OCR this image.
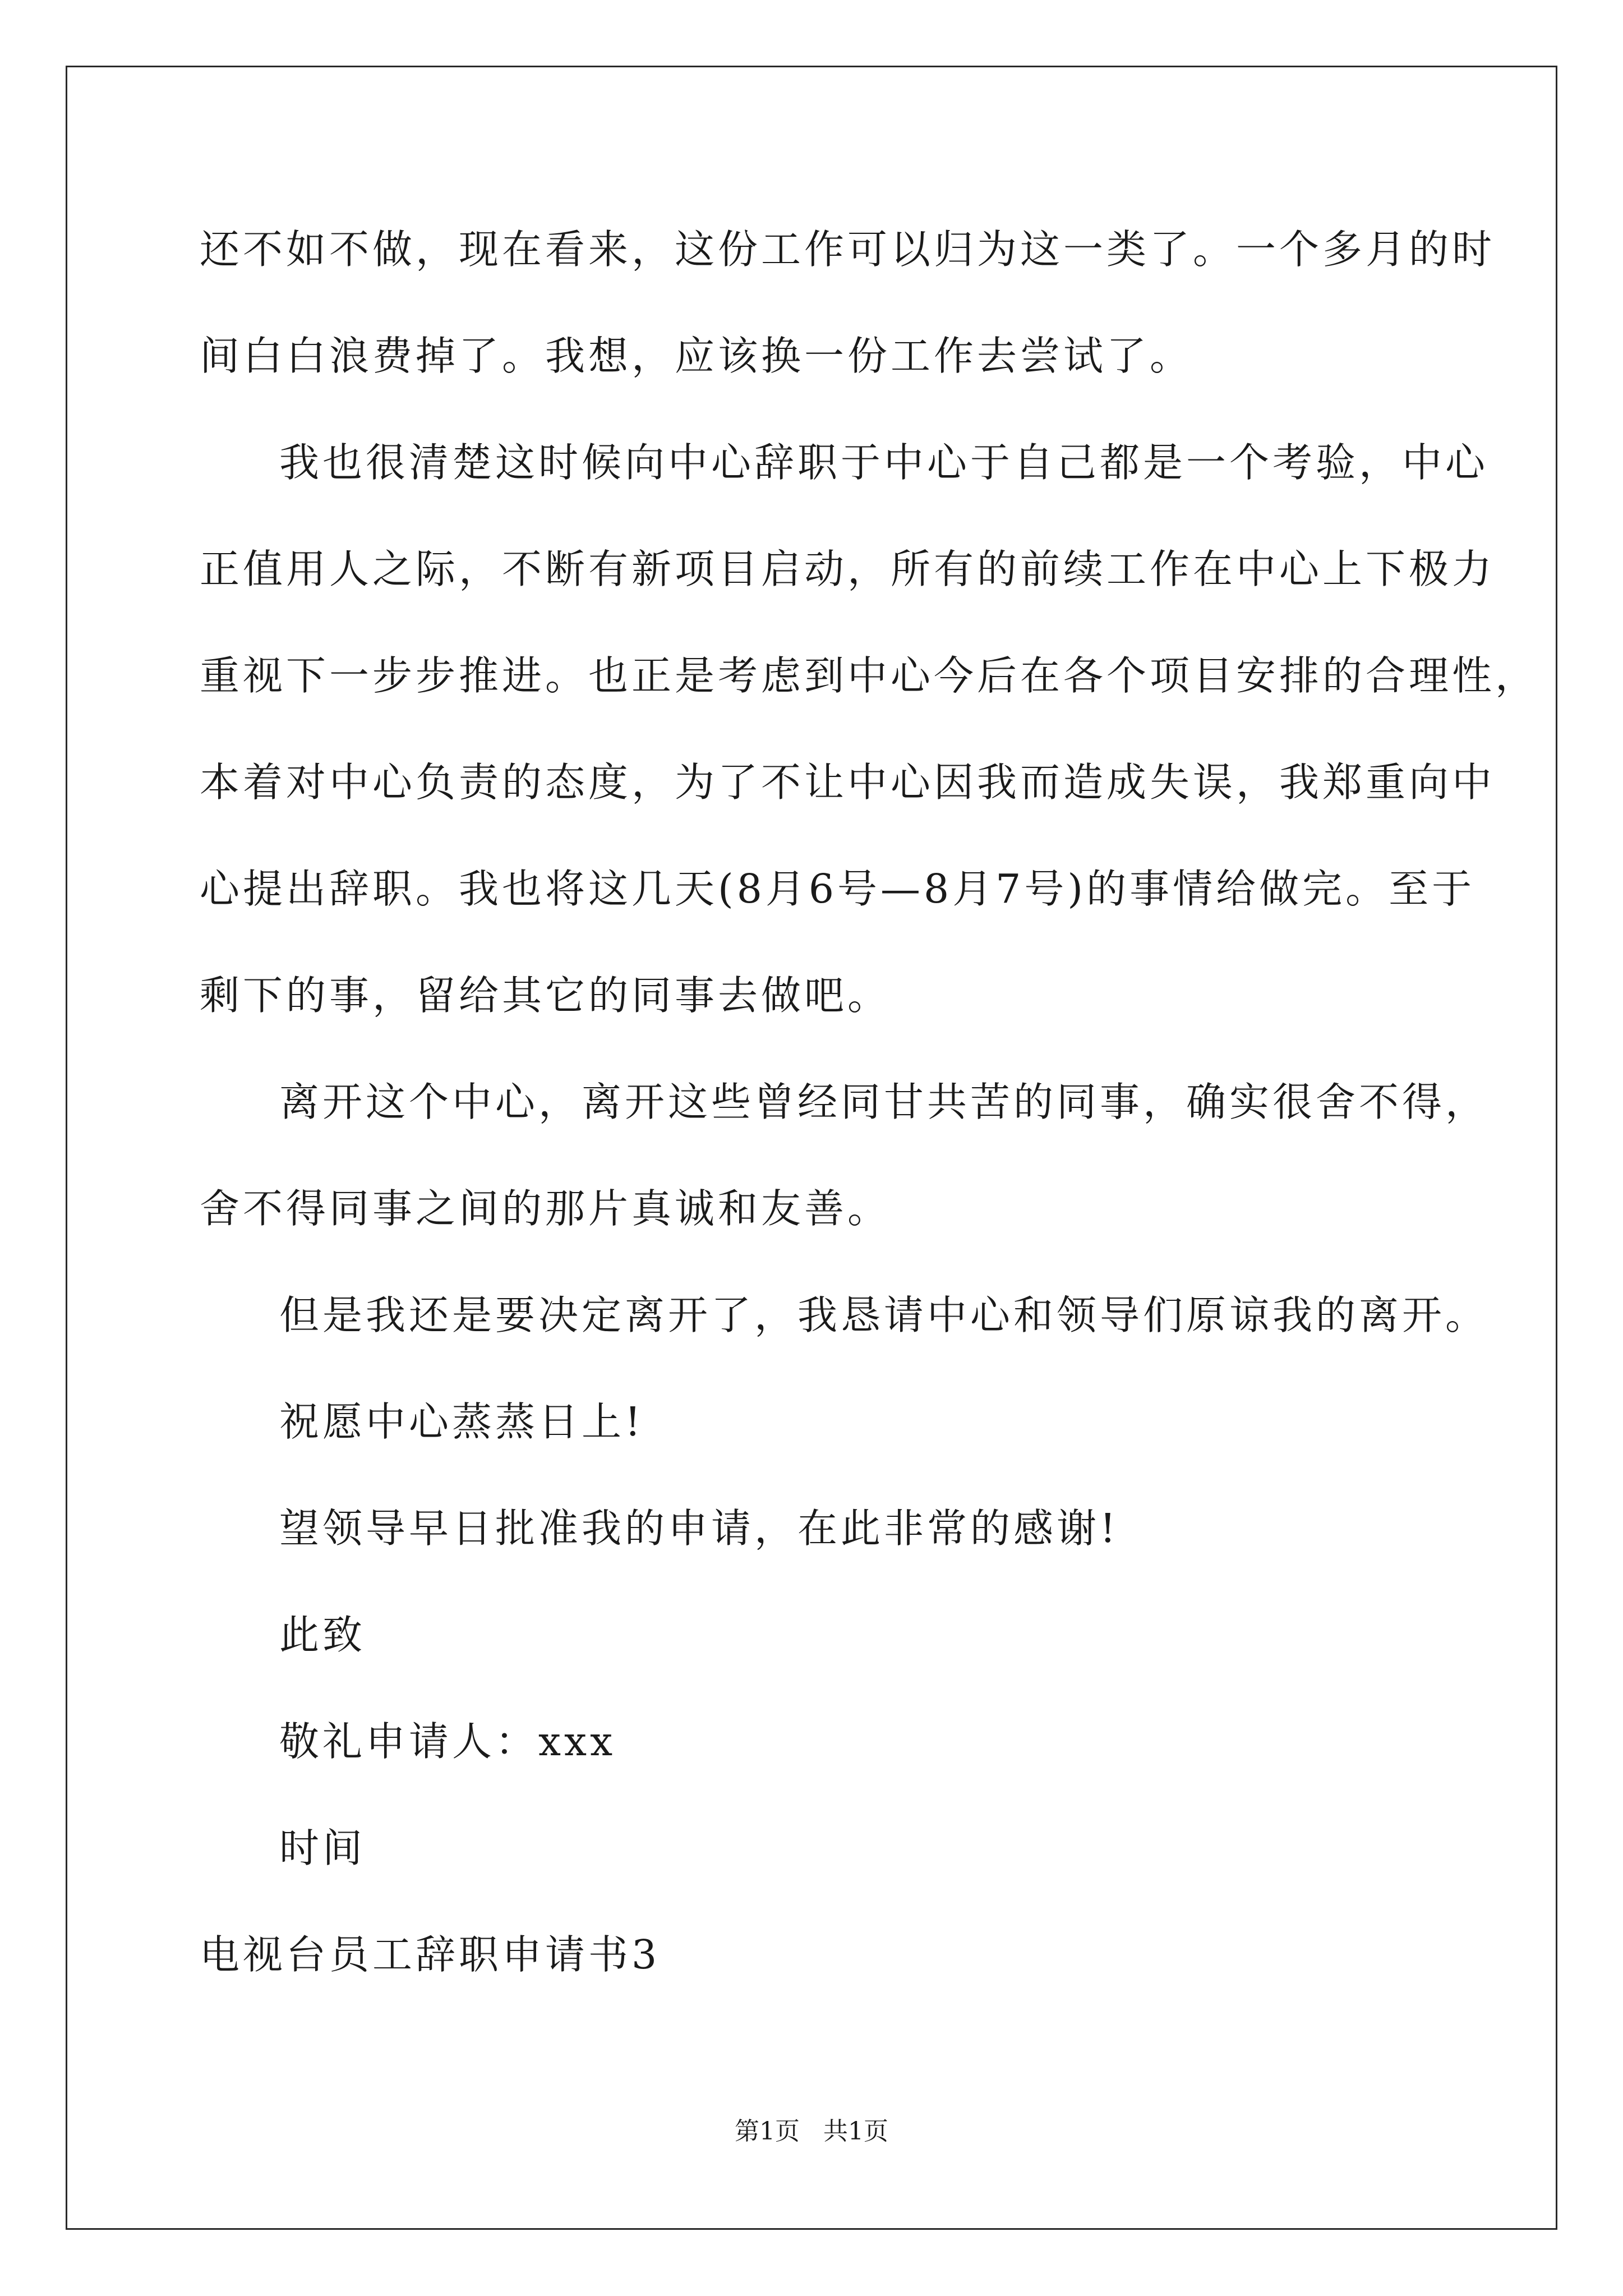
还不如不做，现在看来，这份工作可以归为这一类了。一个多月的时
间白白浪费掉了。我想，应该换一份工作去尝试了。
我也很清楚这时候向中心辞职于中心于自己都是一个考验，中心
正值用人之际，不断有新项目启动，所有的前续工作在中心上下极力
重视下一步步推进。也正是考虑到中心今后在各个项目安排的合理性，
本着对中心负责的态度，为了不让中心因我而造成失误，我郑重向中
心提出辞职。我也将这几天(8月6号—8月7号)的事情给做完。至于
剩下的事，留给其它的同事去做吧。
离开这个中心，离开这些曾经同甘共苦的同事，确实很舍不得，
舍不得同事之间的那片真诚和友善。
但是我还是要决定离开了，我恳请中心和领导们原谅我的离开。
祝愿中心蒸蒸日上!
望领导早日批准我的申请，在此非常的感谢!
此致
敬礼申请人：xxx
时间
电视台员工辞职申请书3
第1页   共1页
